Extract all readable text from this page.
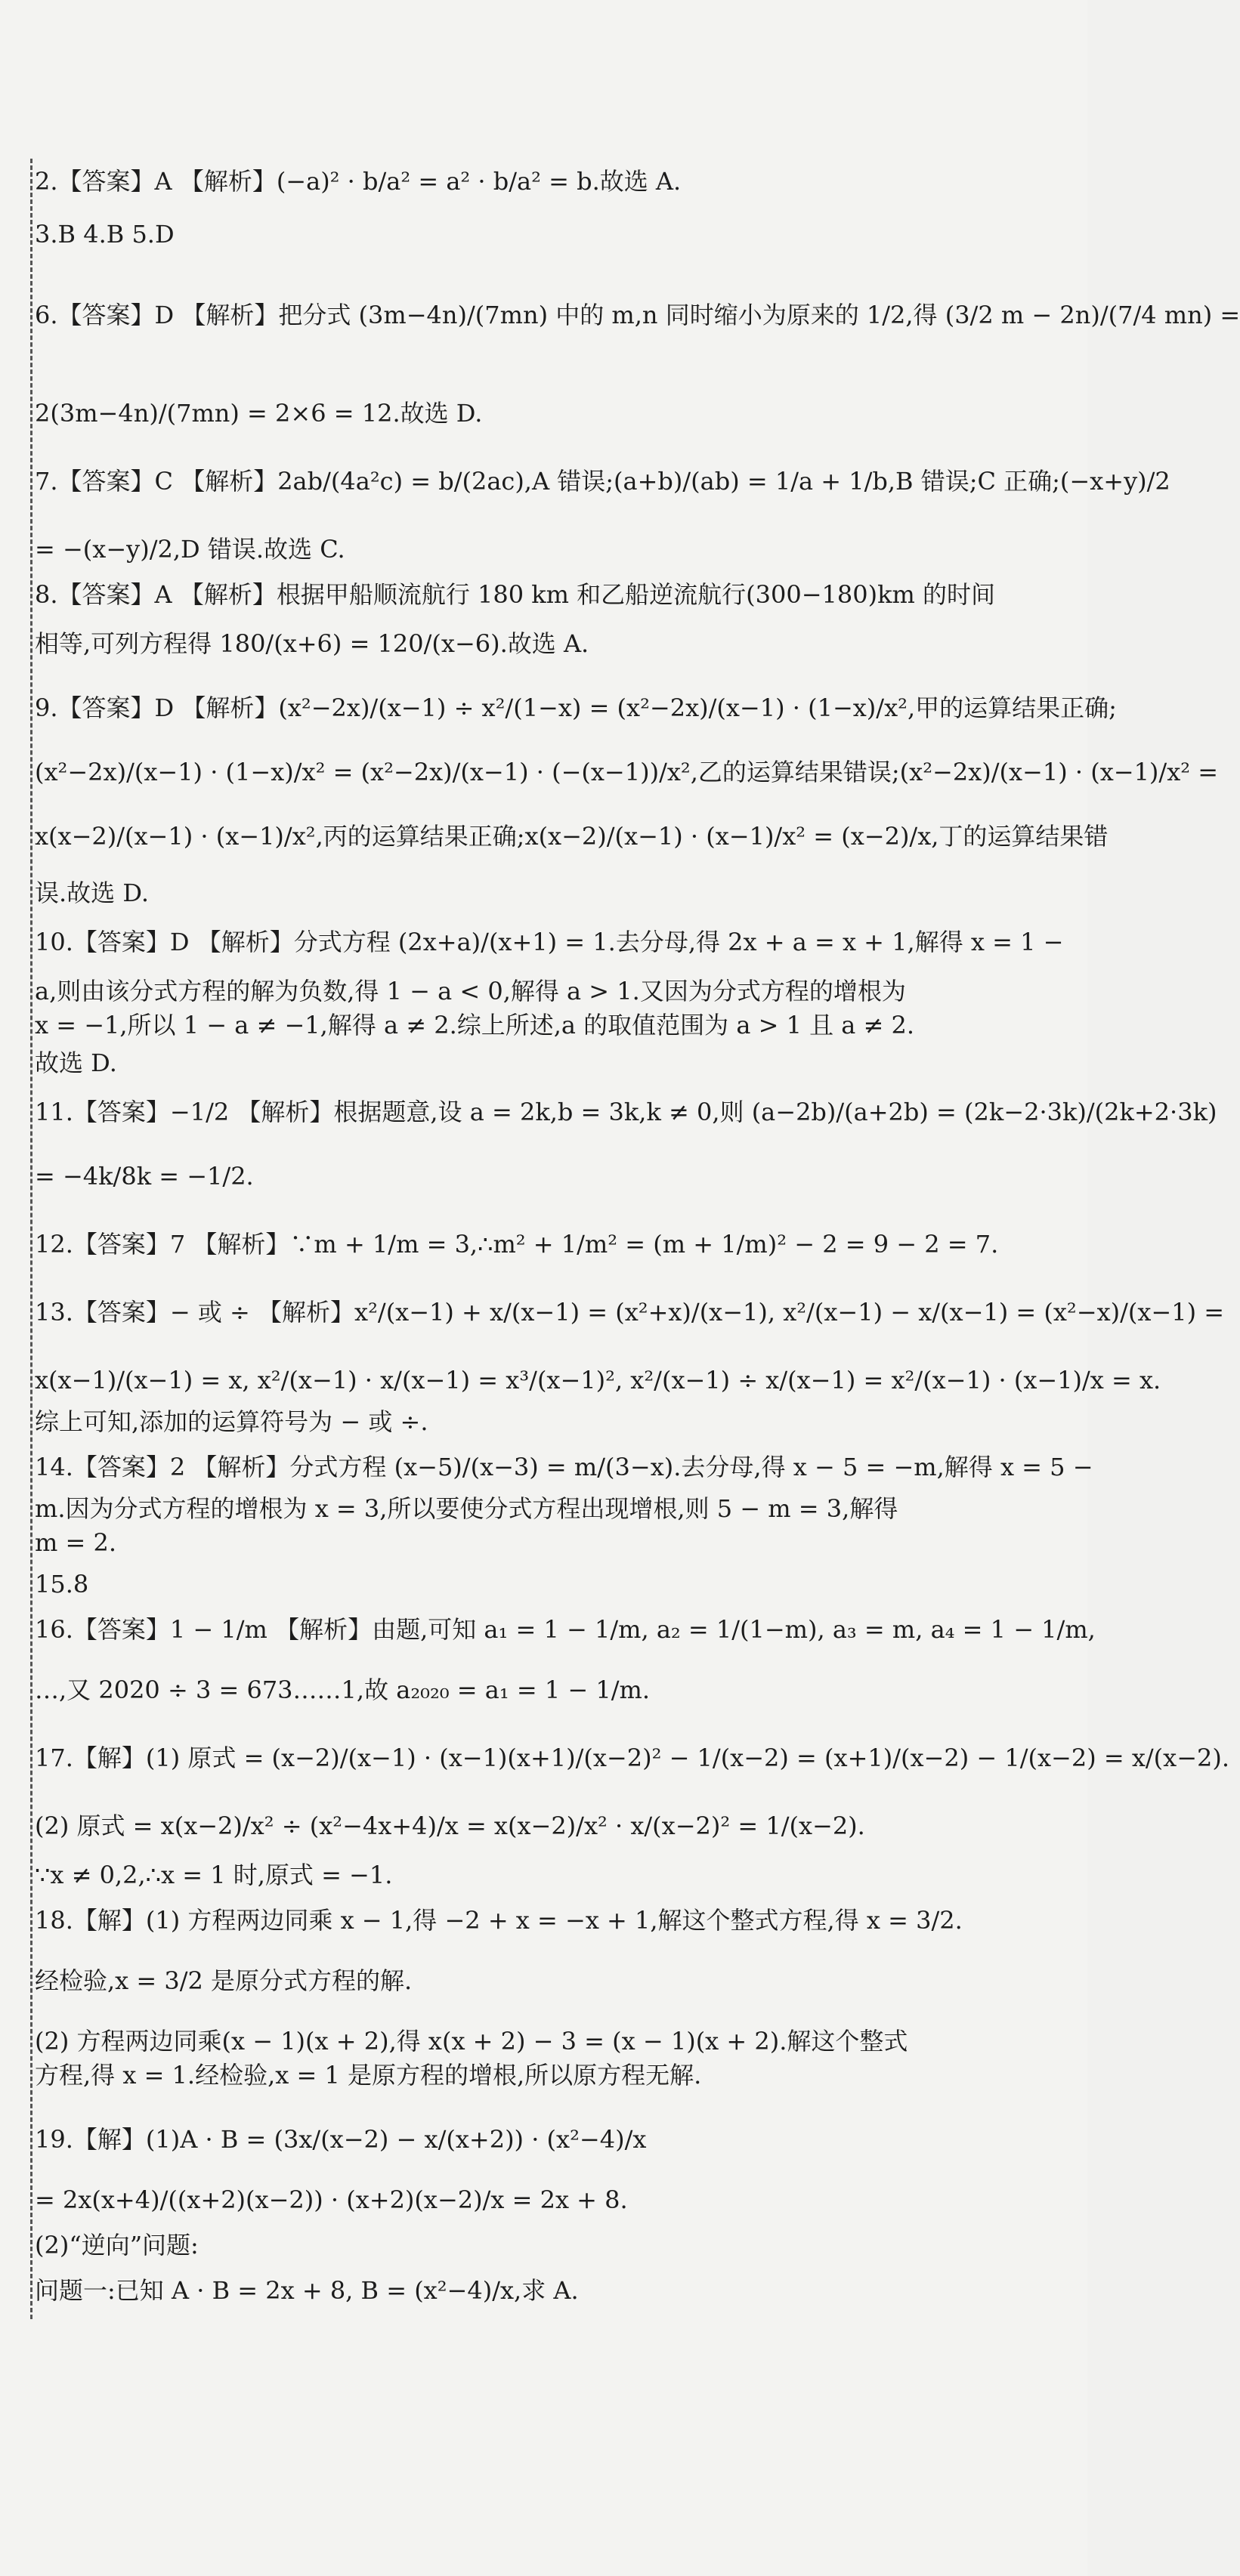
2.【答案】A 【解析】(−a)² · b/a² = a² · b/a² = b.故选 A.
3.B 4.B 5.D
6.【答案】D 【解析】把分式 (3m−4n)/(7mn) 中的 m,n 同时缩小为原来的 1/2,得 (3/2 m − 2n)/(7/4 mn) =
2(3m−4n)/(7mn) = 2×6 = 12.故选 D.
7.【答案】C 【解析】2ab/(4a²c) = b/(2ac),A 错误;(a+b)/(ab) = 1/a + 1/b,B 错误;C 正确;(−x+y)/2
= −(x−y)/2,D 错误.故选 C.
8.【答案】A 【解析】根据甲船顺流航行 180 km 和乙船逆流航行(300−180)km 的时间
相等,可列方程得 180/(x+6) = 120/(x−6).故选 A.
9.【答案】D 【解析】(x²−2x)/(x−1) ÷ x²/(1−x) = (x²−2x)/(x−1) · (1−x)/x²,甲的运算结果正确;
(x²−2x)/(x−1) · (1−x)/x² = (x²−2x)/(x−1) · (−(x−1))/x²,乙的运算结果错误;(x²−2x)/(x−1) · (x−1)/x² =
x(x−2)/(x−1) · (x−1)/x²,丙的运算结果正确;x(x−2)/(x−1) · (x−1)/x² = (x−2)/x,丁的运算结果错
误.故选 D.
10.【答案】D 【解析】分式方程 (2x+a)/(x+1) = 1.去分母,得 2x + a = x + 1,解得 x = 1 −
a,则由该分式方程的解为负数,得 1 − a < 0,解得 a > 1.又因为分式方程的增根为
x = −1,所以 1 − a ≠ −1,解得 a ≠ 2.综上所述,a 的取值范围为 a > 1 且 a ≠ 2.
故选 D.
11.【答案】−1/2 【解析】根据题意,设 a = 2k,b = 3k,k ≠ 0,则 (a−2b)/(a+2b) = (2k−2·3k)/(2k+2·3k)
= −4k/8k = −1/2.
12.【答案】7 【解析】∵m + 1/m = 3,∴m² + 1/m² = (m + 1/m)² − 2 = 9 − 2 = 7.
13.【答案】− 或 ÷ 【解析】x²/(x−1) + x/(x−1) = (x²+x)/(x−1), x²/(x−1) − x/(x−1) = (x²−x)/(x−1) =
x(x−1)/(x−1) = x, x²/(x−1) · x/(x−1) = x³/(x−1)², x²/(x−1) ÷ x/(x−1) = x²/(x−1) · (x−1)/x = x.
综上可知,添加的运算符号为 − 或 ÷.
14.【答案】2 【解析】分式方程 (x−5)/(x−3) = m/(3−x).去分母,得 x − 5 = −m,解得 x = 5 −
m.因为分式方程的增根为 x = 3,所以要使分式方程出现增根,则 5 − m = 3,解得
m = 2.
15.8
16.【答案】1 − 1/m 【解析】由题,可知 a₁ = 1 − 1/m, a₂ = 1/(1−m), a₃ = m, a₄ = 1 − 1/m,
…,又 2020 ÷ 3 = 673……1,故 a₂₀₂₀ = a₁ = 1 − 1/m.
17.【解】(1) 原式 = (x−2)/(x−1) · (x−1)(x+1)/(x−2)² − 1/(x−2) = (x+1)/(x−2) − 1/(x−2) = x/(x−2).
(2) 原式 = x(x−2)/x² ÷ (x²−4x+4)/x = x(x−2)/x² · x/(x−2)² = 1/(x−2).
∵x ≠ 0,2,∴x = 1 时,原式 = −1.
18.【解】(1) 方程两边同乘 x − 1,得 −2 + x = −x + 1,解这个整式方程,得 x = 3/2.
经检验,x = 3/2 是原分式方程的解.
(2) 方程两边同乘(x − 1)(x + 2),得 x(x + 2) − 3 = (x − 1)(x + 2).解这个整式
方程,得 x = 1.经检验,x = 1 是原方程的增根,所以原方程无解.
19.【解】(1)A · B = (3x/(x−2) − x/(x+2)) · (x²−4)/x
= 2x(x+4)/((x+2)(x−2)) · (x+2)(x−2)/x = 2x + 8.
(2)“逆向”问题:
问题一:已知 A · B = 2x + 8, B = (x²−4)/x,求 A.
